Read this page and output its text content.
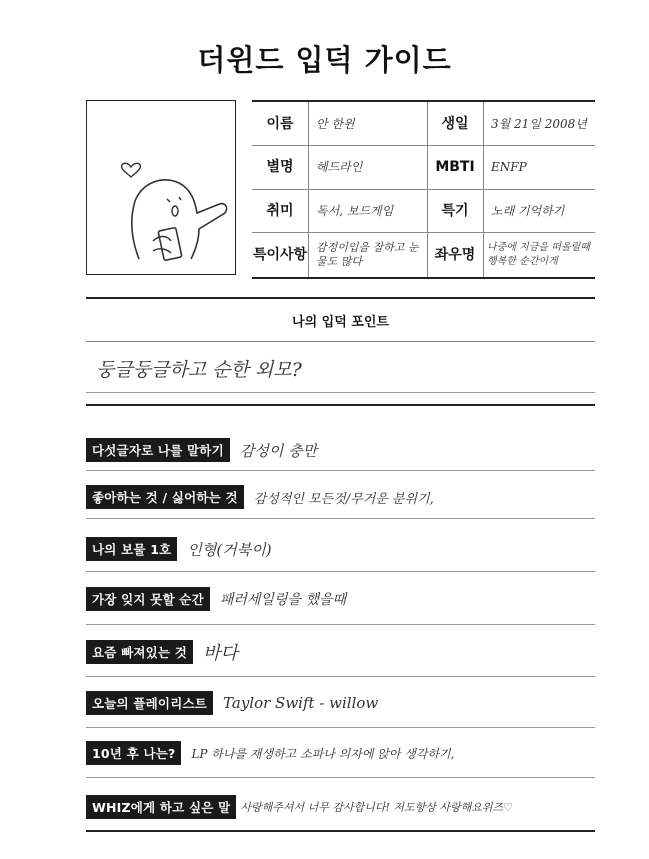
더윈드 입덕 가이드
이름	안 한윈	생일	3월 21일 2008년
별명	헤드라인	MBTI	ENFP
취미	독서, 보드게임	특기	노래 기억하기
특이사항 감정이입을 잘하고 눈물도 많다	좌우명	나중에 지금을 떠올릴때 행복한 순간이게
나의 입덕 포인트
둥글둥글하고 순한 외모?
다섯글자로 나를 말하기	감성이 충만
좋아하는 것 / 싫어하는 것	감성적인 모든것/무거운 분위기,
나의 보물 1호	인형(거북이)
가장 잊지 못할 순간	패러세일링을 했을때
요즘 빠져있는 것 바다
오늘의 플레이리스트	Taylor Swift - willow
10년 후 나는?	LP 하나를 재생하고 소파나 의자에 앉아 생각하기,
WHIZ에게 하고 싶은 말 사랑해주셔서 너무 감사합니다! 저도항상 사랑해요위즈♡
